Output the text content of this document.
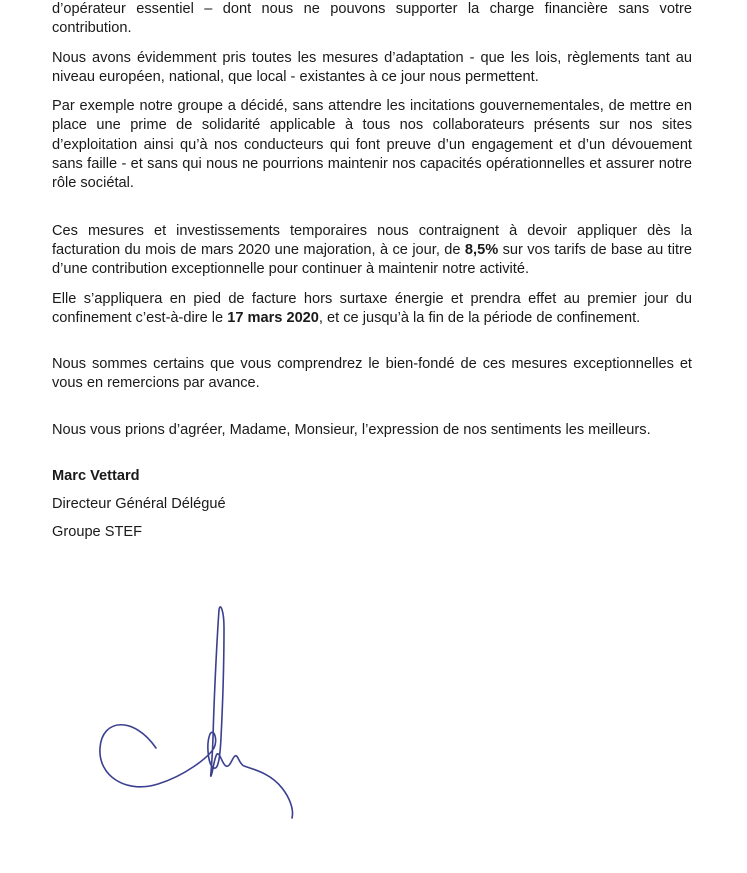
d’opérateur essentiel – dont nous ne pouvons supporter la charge financière sans votre contribution.

Nous avons évidemment pris toutes les mesures d’adaptation - que les lois, règlements tant au niveau européen, national, que local - existantes à ce jour nous permettent.

Par exemple notre groupe a décidé, sans attendre les incitations gouvernementales, de mettre en place une prime de solidarité applicable à tous nos collaborateurs présents sur nos sites d’exploitation ainsi qu’à nos conducteurs qui font preuve d’un engagement et d’un dévouement sans faille - et sans qui nous ne pourrions maintenir nos capacités opérationnelles et assurer notre rôle sociétal.

Ces mesures et investissements temporaires nous contraignent à devoir appliquer dès la facturation du mois de mars 2020 une majoration, à ce jour, de 8,5% sur vos tarifs de base au titre d’une contribution exceptionnelle pour continuer à maintenir notre activité.

Elle s’appliquera en pied de facture hors surtaxe énergie et prendra effet au premier jour du confinement c’est-à-dire le 17 mars 2020, et ce jusqu’à la fin de la période de confinement.

Nous sommes certains que vous comprendrez le bien-fondé de ces mesures exceptionnelles et vous en remercions par avance.

Nous vous prions d’agréer, Madame, Monsieur, l’expression de nos sentiments les meilleurs.

Marc Vettard
Directeur Général Délégué
Groupe STEF
